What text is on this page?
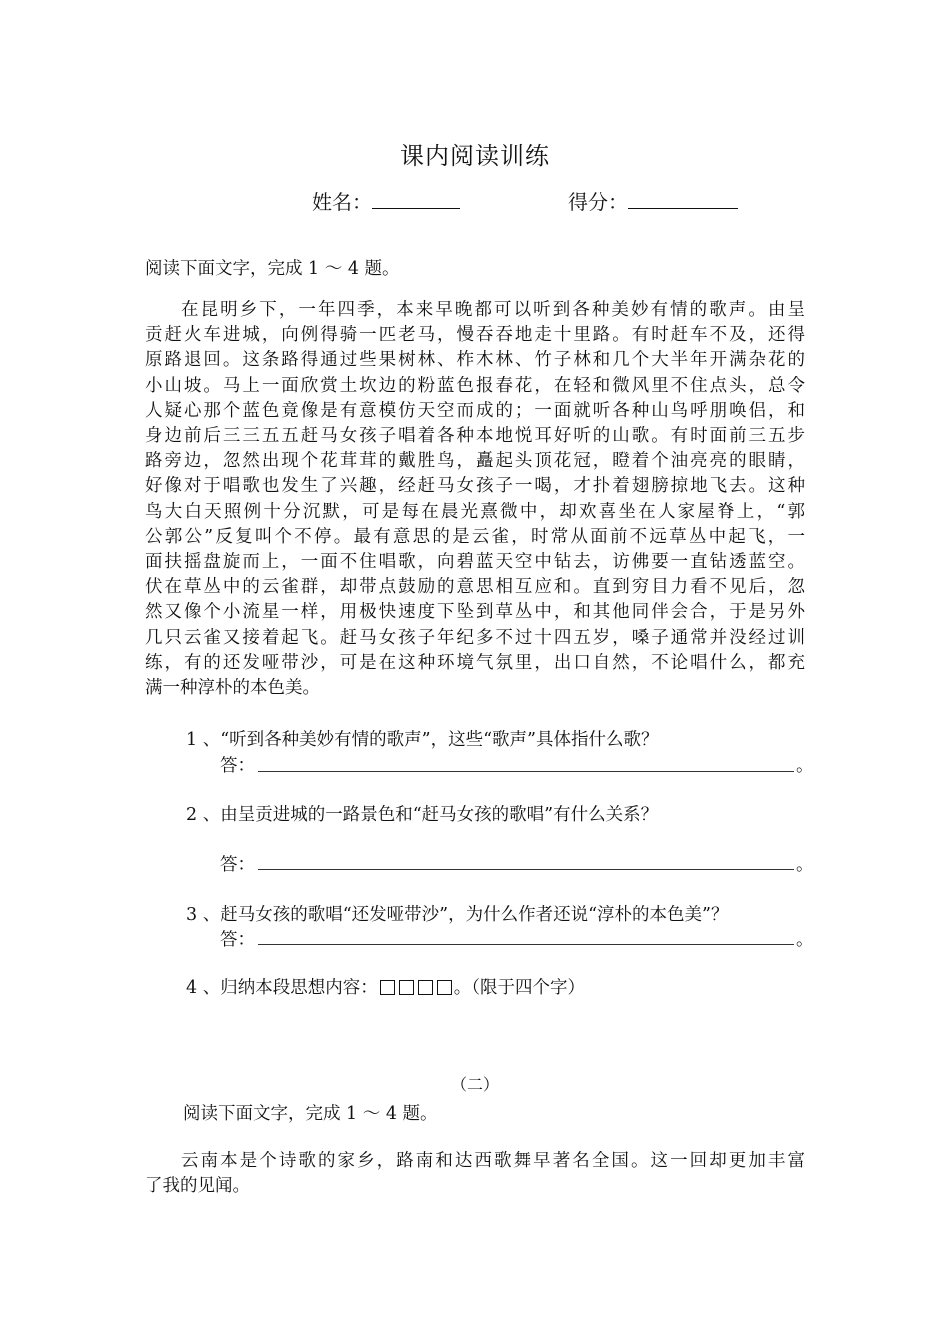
课内阅读训练
姓名：	得分：
阅读下面文字，完成 1 ～ 4 题。
在昆明乡下，一年四季，本来早晚都可以听到各种美妙有情的歌声。由呈
贡赶火车进城，向例得骑一匹老马，慢吞吞地走十里路。有时赶车不及，还得
原路退回。这条路得通过些果树林、柞木林、竹子林和几个大半年开满杂花的
小山坡。马上一面欣赏土坎边的粉蓝色报春花，在轻和微风里不住点头，总令
人疑心那个蓝色竟像是有意模仿天空而成的；一面就听各种山鸟呼朋唤侣，和
身边前后三三五五赶马女孩子唱着各种本地悦耳好听的山歌。有时面前三五步
路旁边，忽然出现个花茸茸的戴胜鸟，矗起头顶花冠，瞪着个油亮亮的眼睛，
好像对于唱歌也发生了兴趣，经赶马女孩子一喝，才扑着翅膀掠地飞去。这种
鸟大白天照例十分沉默，可是每在晨光熹微中，却欢喜坐在人家屋脊上，“郭
公郭公”反复叫个不停。最有意思的是云雀，时常从面前不远草丛中起飞，一
面扶摇盘旋而上，一面不住唱歌，向碧蓝天空中钻去，访佛要一直钻透蓝空。
伏在草丛中的云雀群，却带点鼓励的意思相互应和。直到穷目力看不见后，忽
然又像个小流星一样，用极快速度下坠到草丛中，和其他同伴会合，于是另外
几只云雀又接着起飞。赶马女孩子年纪多不过十四五岁，嗓子通常并没经过训
练，有的还发哑带沙，可是在这种环境气氛里，出口自然，不论唱什么，都充
满一种淳朴的本色美。
1 、“听到各种美妙有情的歌声”，这些“歌声”具体指什么歌？
答：	。
2 、由呈贡进城的一路景色和“赶马女孩的歌唱”有什么关系？
答：	。
3 、赶马女孩的歌唱“还发哑带沙”，为什么作者还说“淳朴的本色美”？
答：	。
4 、归纳本段思想内容：	。（限于四个字）
（二）
阅读下面文字，完成 1 ～ 4 题。
云南本是个诗歌的家乡，路南和达西歌舞早著名全国。这一回却更加丰富
了我的见闻。
